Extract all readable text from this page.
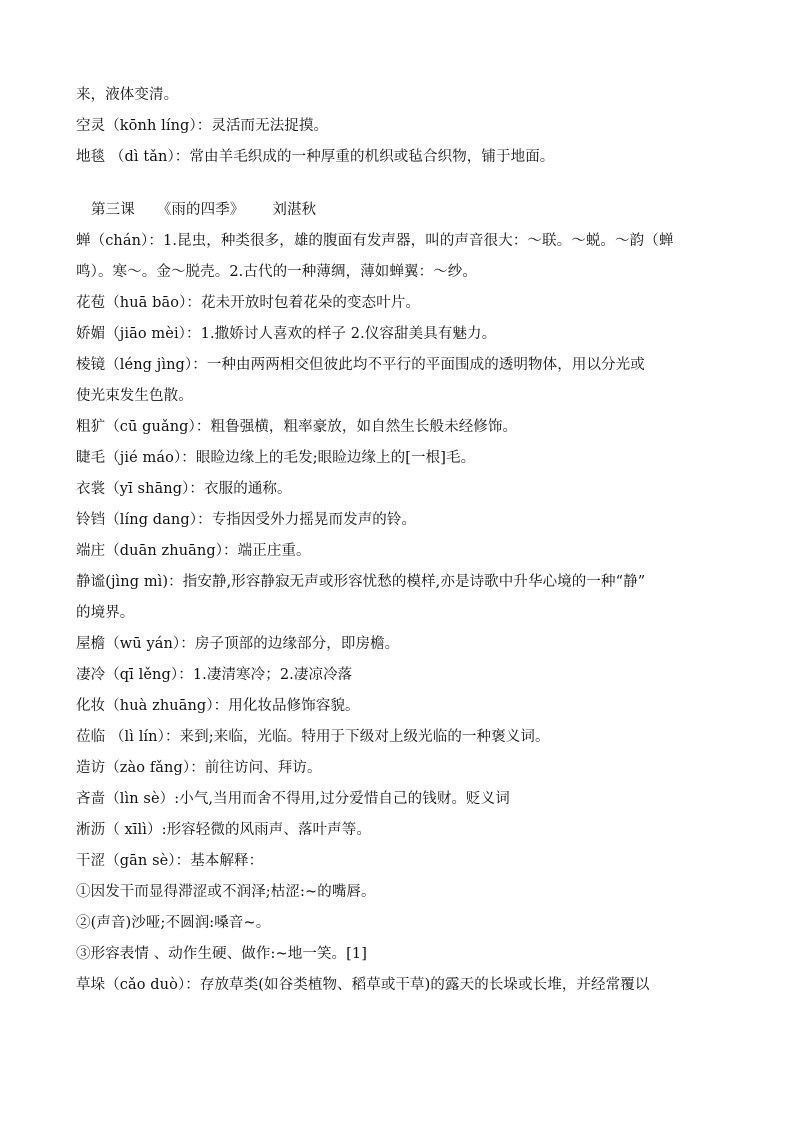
来，液体变清。
空灵（kōnh líng）：灵活而无法捉摸。
地毯 （dì tǎn）：常由羊毛织成的一种厚重的机织或毡合织物，铺于地面。
第三课 《雨的四季》 刘湛秋
蝉（chán）：1.昆虫，种类很多，雄的腹面有发声器，叫的声音很大：～联。～蜕。～韵（蝉
鸣）。寒～。金～脱壳。2.古代的一种薄绸，薄如蝉翼：～纱。
花苞（huā bāo）：花未开放时包着花朵的变态叶片。
娇媚（jiāo mèi）：1.撒娇讨人喜欢的样子 2.仪容甜美具有魅力。
棱镜（léng jìng）：一种由两两相交但彼此均不平行的平面围成的透明物体，用以分光或
使光束发生色散。
粗犷（cū guǎng）：粗鲁强横，粗率豪放，如自然生长般未经修饰。
睫毛（jié máo）：眼睑边缘上的毛发;眼睑边缘上的[一根]毛。
衣裳（yī shāng）：衣服的通称。
铃铛（líng dang）：专指因受外力摇晃而发声的铃。
端庄（duān zhuāng）：端正庄重。
静谧(jìng mì)：指安静,形容静寂无声或形容忧愁的模样,亦是诗歌中升华心境的一种“静”
的境界。
屋檐（wū yán）：房子顶部的边缘部分，即房檐。
凄冷（qī lěng）：1.凄清寒冷；2.凄凉冷落
化妆（huà zhuāng）：用化妆品修饰容貌。
莅临 （lì lín）：来到;来临，光临。特用于下级对上级光临的一种褒义词。
造访（zào fǎng）：前往访问、拜访。
吝啬（lìn sè）:小气,当用而舍不得用,过分爱惜自己的钱财。贬义词
淅沥（ xīlì）:形容轻微的风雨声、落叶声等。
干涩（gān sè）：基本解释：
①因发干而显得滞涩或不润泽;枯涩:~的嘴唇。
②(声音)沙哑;不圆润:嗓音~。
③形容表情 、动作生硬、做作:~地一笑。[1]
草垛（cǎo duò）：存放草类(如谷类植物、稻草或干草)的露天的长垛或长堆，并经常覆以
